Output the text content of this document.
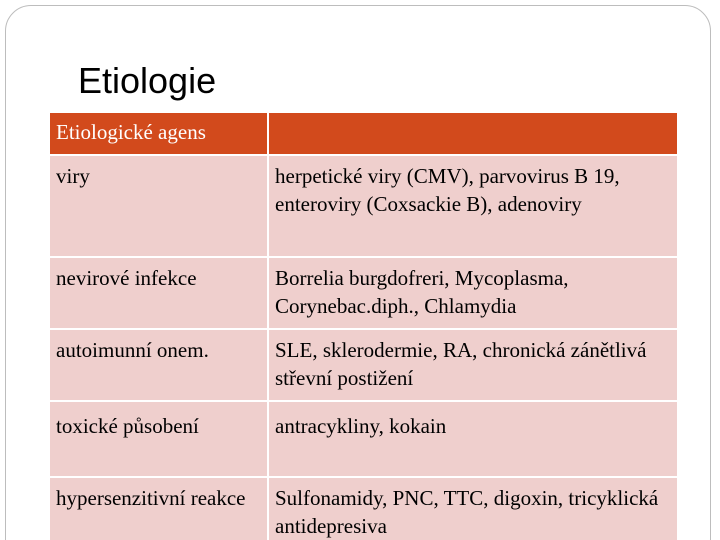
Etiologie
Etiologické agens	
viry	herpetické viry (CMV), parvovirus B 19, enteroviry (Coxsackie B), adenoviry
nevirové infekce	Borrelia burgdofreri, Mycoplasma, Corynebac.diph., Chlamydia
autoimunní onem.	SLE, sklerodermie, RA, chronická zánětlivá střevní postižení
toxické působení	antracykliny, kokain
hypersenzitivní reakce	Sulfonamidy, PNC, TTC, digoxin, tricyklická antidepresiva
